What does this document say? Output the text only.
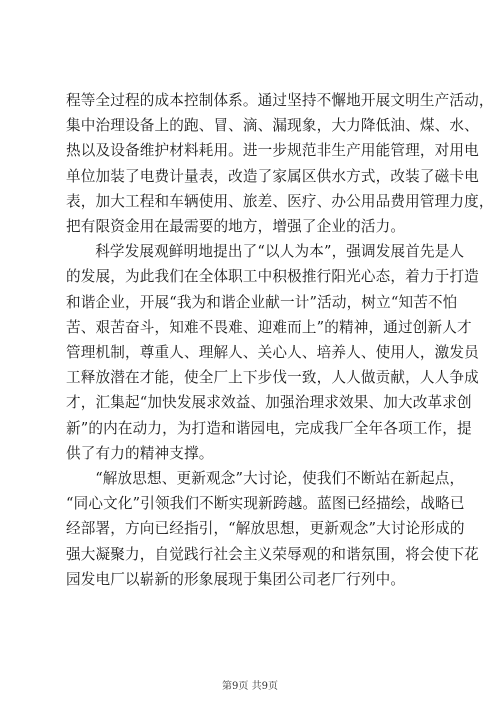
程等全过程的成本控制体系。通过坚持不懈地开展文明生产活动，
集中治理设备上的跑、冒、滴、漏现象，大力降低油、煤、水、
热以及设备维护材料耗用。进一步规范非生产用能管理，对用电
单位加装了电费计量表，改造了家属区供水方式，改装了磁卡电
表，加大工程和车辆使用、旅差、医疗、办公用品费用管理力度，
把有限资金用在最需要的地方，增强了企业的活力。

科学发展观鲜明地提出了“以人为本”，强调发展首先是人
的发展，为此我们在全体职工中积极推行阳光心态，着力于打造
和谐企业，开展“我为和谐企业献一计”活动，树立“知苦不怕
苦、艰苦奋斗，知难不畏难、迎难而上”的精神，通过创新人才
管理机制，尊重人、理解人、关心人、培养人、使用人，激发员
工释放潜在才能，使全厂上下步伐一致，人人做贡献，人人争成
才，汇集起“加快发展求效益、加强治理求效果、加大改革求创
新”的内在动力，为打造和谐园电，完成我厂全年各项工作，提
供了有力的精神支撑。

“解放思想、更新观念”大讨论，使我们不断站在新起点，
“同心文化”引领我们不断实现新跨越。蓝图已经描绘，战略已
经部署，方向已经指引，“解放思想，更新观念”大讨论形成的
强大凝聚力，自觉践行社会主义荣辱观的和谐氛围，将会使下花
园发电厂以崭新的形象展现于集团公司老厂行列中。

第9页 共9页
